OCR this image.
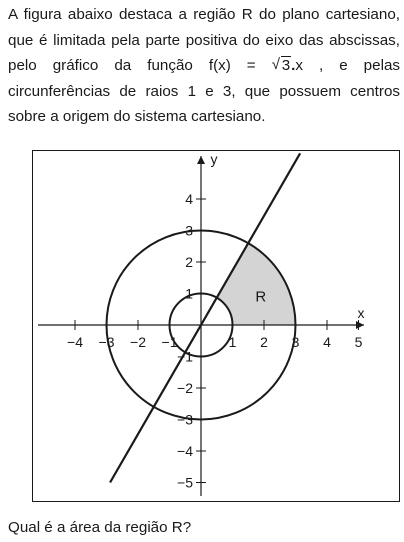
A figura abaixo destaca a região R do plano cartesiano, que é limitada pela parte positiva do eixo das abscissas, pelo gráfico da função f(x) = √ 3.x , e pelas circunferências de raios 1 e 3, que possuem centros sobre a origem do sistema cartesiano.

−4 −3 −2 −1	1 2 3 4 5
4
3
2
1
−1
−2
−3
−4
−5
x
y
R

Qual é a área da região R?
